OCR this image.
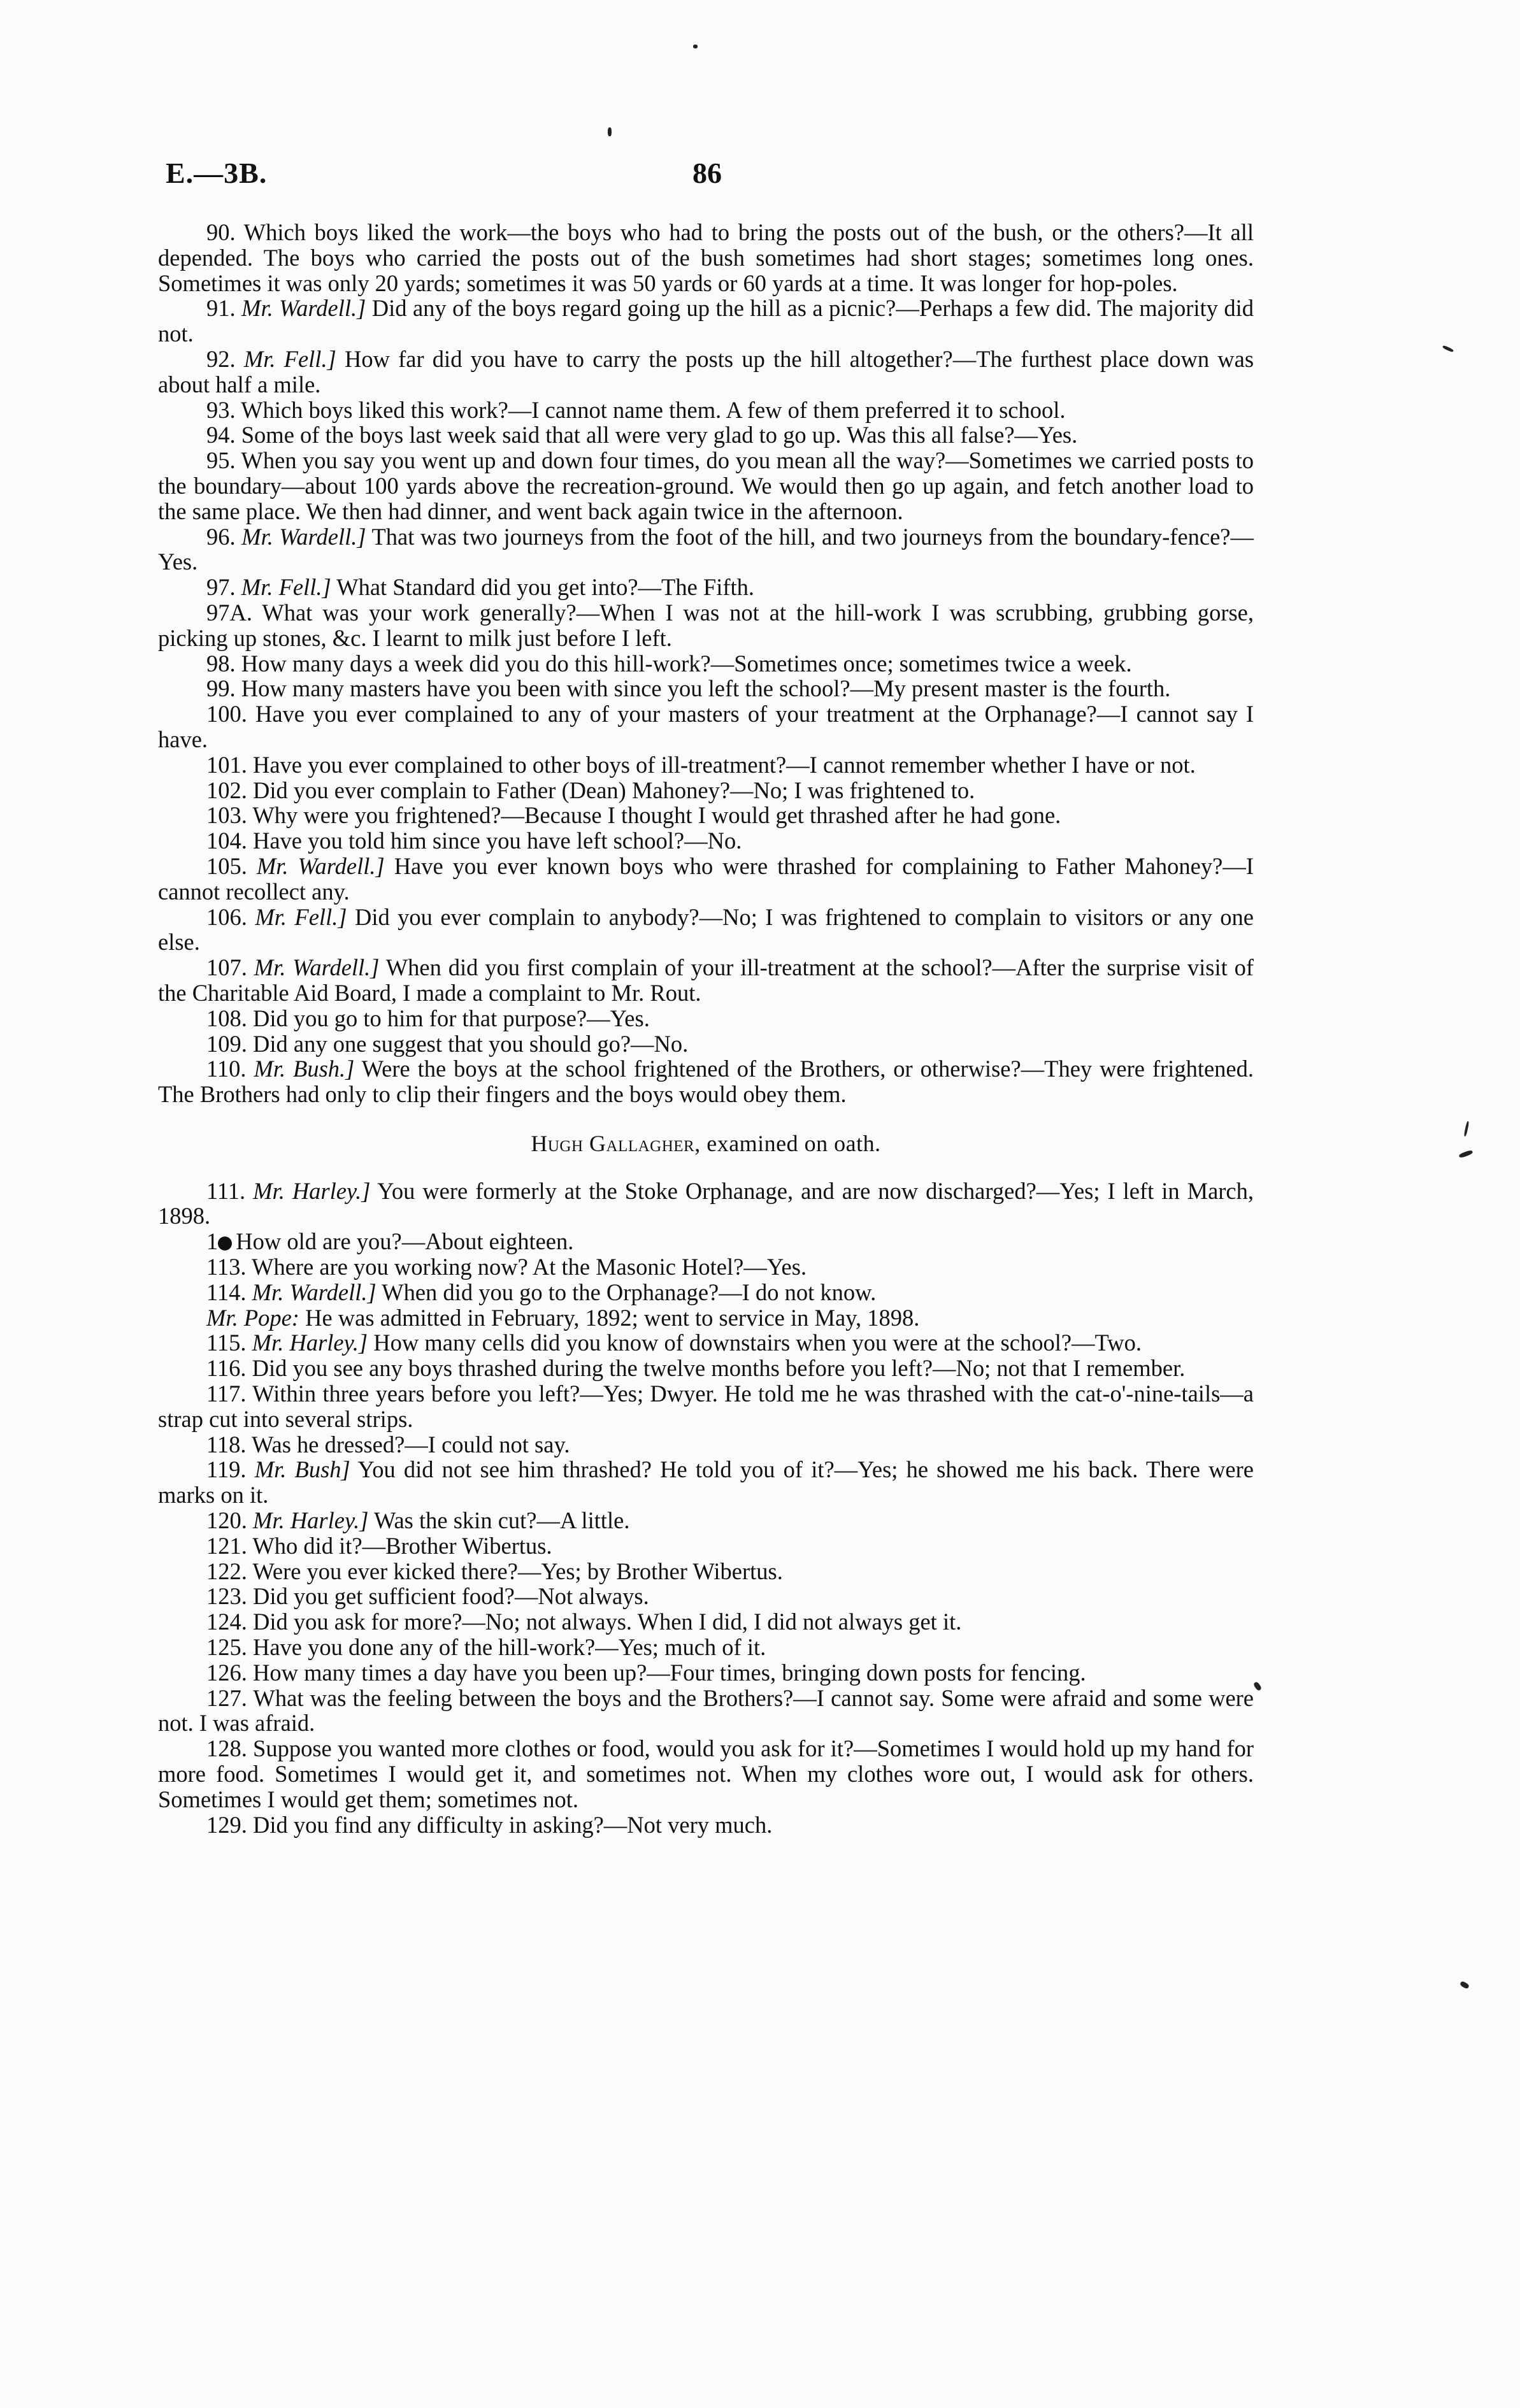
E.—3B.	86

90. Which boys liked the work—the boys who had to bring the posts out of the bush, or the others?—It all depended. The boys who carried the posts out of the bush sometimes had short stages; sometimes long ones. Sometimes it was only 20 yards; sometimes it was 50 yards or 60 yards at a time. It was longer for hop-poles.

91. Mr. Wardell.] Did any of the boys regard going up the hill as a picnic?—Perhaps a few did. The majority did not.

92. Mr. Fell.] How far did you have to carry the posts up the hill altogether?—The furthest place down was about half a mile.

93. Which boys liked this work?—I cannot name them. A few of them preferred it to school.

94. Some of the boys last week said that all were very glad to go up. Was this all false?—Yes.

95. When you say you went up and down four times, do you mean all the way?—Sometimes we carried posts to the boundary—about 100 yards above the recreation-ground. We would then go up again, and fetch another load to the same place. We then had dinner, and went back again twice in the afternoon.

96. Mr. Wardell.] That was two journeys from the foot of the hill, and two journeys from the boundary-fence?—Yes.

97. Mr. Fell.] What Standard did you get into?—The Fifth.

97A. What was your work generally?—When I was not at the hill-work I was scrubbing, grubbing gorse, picking up stones, &c. I learnt to milk just before I left.

98. How many days a week did you do this hill-work?—Sometimes once; sometimes twice a week.

99. How many masters have you been with since you left the school?—My present master is the fourth.

100. Have you ever complained to any of your masters of your treatment at the Orphanage?—I cannot say I have.

101. Have you ever complained to other boys of ill-treatment?—I cannot remember whether I have or not.

102. Did you ever complain to Father (Dean) Mahoney?—No; I was frightened to.

103. Why were you frightened?—Because I thought I would get thrashed after he had gone.

104. Have you told him since you have left school?—No.

105. Mr. Wardell.] Have you ever known boys who were thrashed for complaining to Father Mahoney?—I cannot recollect any.

106. Mr. Fell.] Did you ever complain to anybody?—No; I was frightened to complain to visitors or any one else.

107. Mr. Wardell.] When did you first complain of your ill-treatment at the school?—After the surprise visit of the Charitable Aid Board, I made a complaint to Mr. Rout.

108. Did you go to him for that purpose?—Yes.

109. Did any one suggest that you should go?—No.

110. Mr. Bush.] Were the boys at the school frightened of the Brothers, or otherwise?—They were frightened. The Brothers had only to clip their fingers and the boys would obey them.

Hugh Gallagher, examined on oath.

111. Mr. Harley.] You were formerly at the Stoke Orphanage, and are now discharged?—Yes; I left in March, 1898.

1 How old are you?—About eighteen.

113. Where are you working now? At the Masonic Hotel?—Yes.

114. Mr. Wardell.] When did you go to the Orphanage?—I do not know.

Mr. Pope: He was admitted in February, 1892; went to service in May, 1898.

115. Mr. Harley.] How many cells did you know of downstairs when you were at the school?—Two.

116. Did you see any boys thrashed during the twelve months before you left?—No; not that I remember.

117. Within three years before you left?—Yes; Dwyer. He told me he was thrashed with the cat-o'-nine-tails—a strap cut into several strips.

118. Was he dressed?—I could not say.

119. Mr. Bush] You did not see him thrashed? He told you of it?—Yes; he showed me his back. There were marks on it.

120. Mr. Harley.] Was the skin cut?—A little.

121. Who did it?—Brother Wibertus.

122. Were you ever kicked there?—Yes; by Brother Wibertus.

123. Did you get sufficient food?—Not always.

124. Did you ask for more?—No; not always. When I did, I did not always get it.

125. Have you done any of the hill-work?—Yes; much of it.

126. How many times a day have you been up?—Four times, bringing down posts for fencing.

127. What was the feeling between the boys and the Brothers?—I cannot say. Some were afraid and some were not. I was afraid.

128. Suppose you wanted more clothes or food, would you ask for it?—Sometimes I would hold up my hand for more food. Sometimes I would get it, and sometimes not. When my clothes wore out, I would ask for others. Sometimes I would get them; sometimes not.

129. Did you find any difficulty in asking?—Not very much.
